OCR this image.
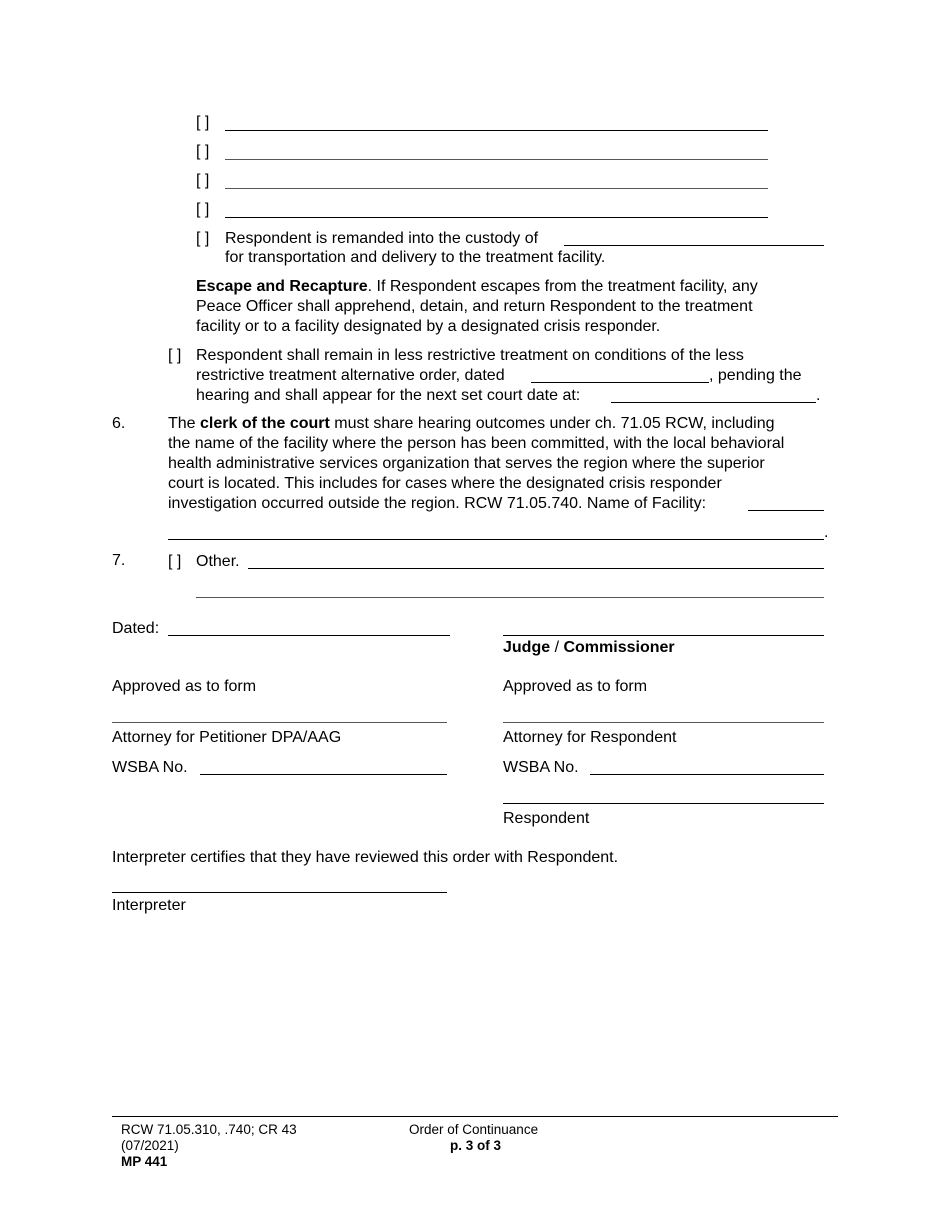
[ ]
[ ]
[ ]
[ ]
[ ] Respondent is remanded into the custody of
for transportation and delivery to the treatment facility.
Escape and Recapture. If Respondent escapes from the treatment facility, any
Peace Officer shall apprehend, detain, and return Respondent to the treatment
facility or to a facility designated by a designated crisis responder.
[ ] Respondent shall remain in less restrictive treatment on conditions of the less
restrictive treatment alternative order, dated	, pending the
hearing and shall appear for the next set court date at:	.
6.	The clerk of the court must share hearing outcomes under ch. 71.05 RCW, including
the name of the facility where the person has been committed, with the local behavioral
health administrative services organization that serves the region where the superior
court is located. This includes for cases where the designated crisis responder
investigation occurred outside the region. RCW 71.05.740. Name of Facility:
.
7.	[ ] Other.
Dated:
Judge / Commissioner
Approved as to form	Approved as to form
Attorney for Petitioner DPA/AAG	Attorney for Respondent
WSBA No.	WSBA No.
Respondent
Interpreter certifies that they have reviewed this order with Respondent.
Interpreter
RCW 71.05.310, .740; CR 43
(07/2021)
MP 441
Order of Continuance
p. 3 of 3
